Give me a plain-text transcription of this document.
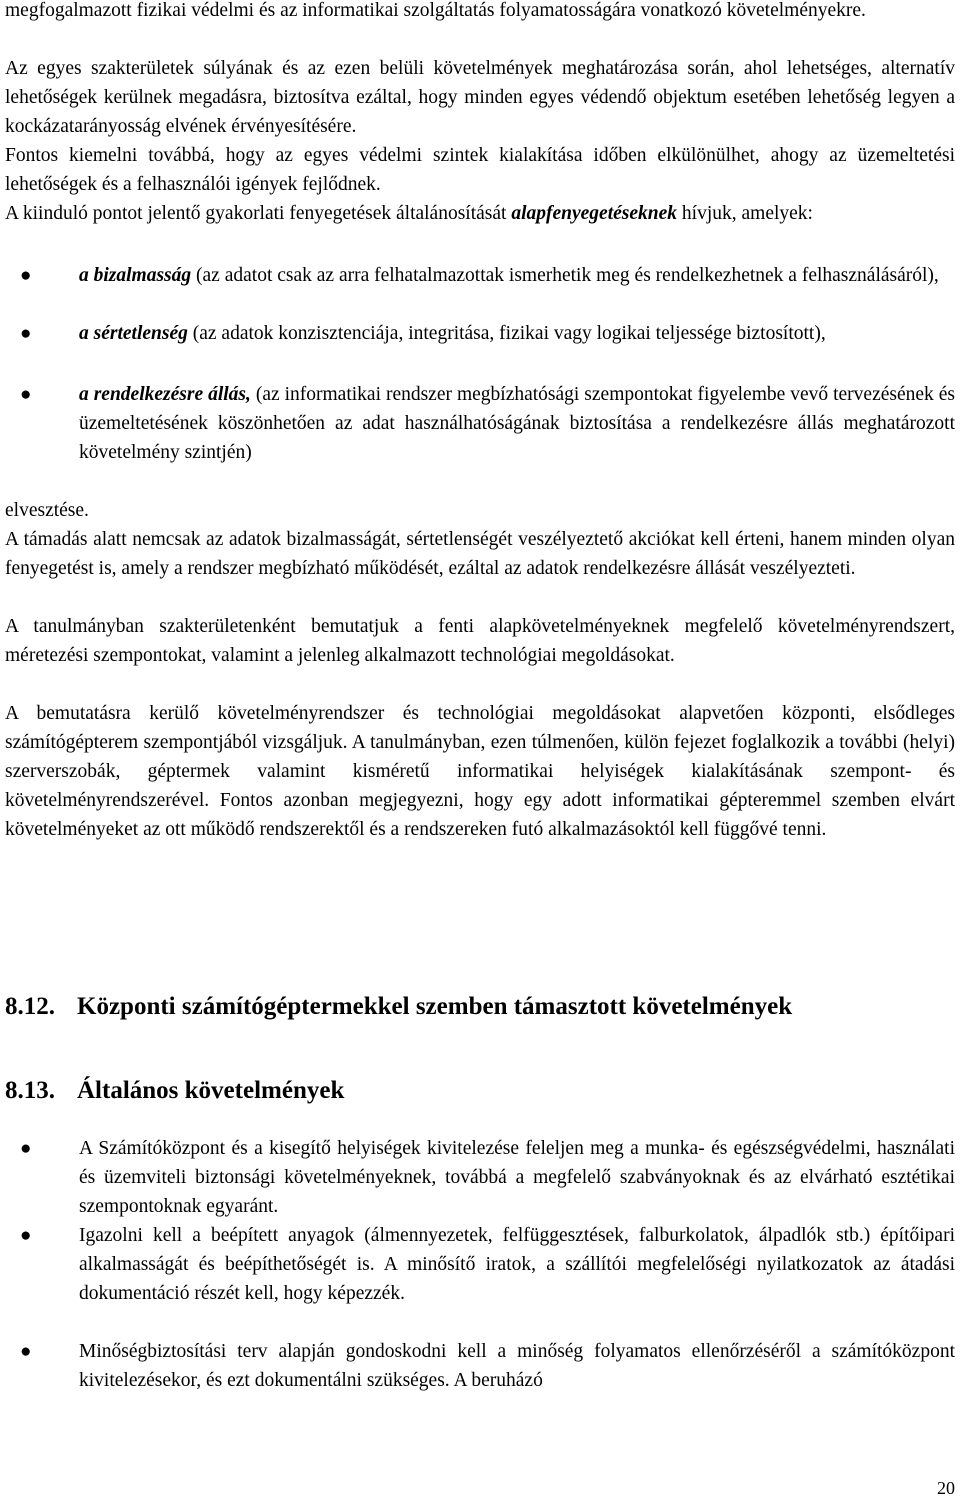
megfogalmazott fizikai védelmi és az informatikai szolgáltatás folyamatosságára vonatkozó követelményekre.

Az egyes szakterületek súlyának és az ezen belüli követelmények meghatározása során, ahol lehetséges, alternatív lehetőségek kerülnek megadásra, biztosítva ezáltal, hogy minden egyes védendő objektum esetében lehetőség legyen a kockázatarányosság elvének érvényesítésére.

Fontos kiemelni továbbá, hogy az egyes védelmi szintek kialakítása időben elkülönülhet, ahogy az üzemeltetési lehetőségek és a felhasználói igények fejlődnek.

A kiinduló pontot jelentő gyakorlati fenyegetések általánosítását alapfenyegetéseknek hívjuk, amelyek:

● a bizalmasság (az adatot csak az arra felhatalmazottak ismerhetik meg és rendelkezhetnek a felhasználásáról),
● a sértetlenség (az adatok konzisztenciája, integritása, fizikai vagy logikai teljessége biztosított),
● a rendelkezésre állás, (az informatikai rendszer megbízhatósági szempontokat figyelembe vevő tervezésének és üzemeltetésének köszönhetően az adat használhatóságának biztosítása a rendelkezésre állás meghatározott követelmény szintjén)

elvesztése.

A támadás alatt nemcsak az adatok bizalmasságát, sértetlenségét veszélyeztető akciókat kell érteni, hanem minden olyan fenyegetést is, amely a rendszer megbízható működését, ezáltal az adatok rendelkezésre állását veszélyezteti.

A tanulmányban szakterületenként bemutatjuk a fenti alapkövetelményeknek megfelelő követelményrendszert, méretezési szempontokat, valamint a jelenleg alkalmazott technológiai megoldásokat.

A bemutatásra kerülő követelményrendszer és technológiai megoldásokat alapvetően központi, elsődleges számítógépterem szempontjából vizsgáljuk. A tanulmányban, ezen túlmenően, külön fejezet foglalkozik a további (helyi) szerverszobák, géptermek valamint kisméretű informatikai helyiségek kialakításának szempont- és követelményrendszerével. Fontos azonban megjegyezni, hogy egy adott informatikai gépteremmel szemben elvárt követelményeket az ott működő rendszerektől és a rendszereken futó alkalmazásoktól kell függővé tenni.

8.12. Központi számítógéptermekkel szemben támasztott követelmények
8.13. Általános követelmények
● A Számítóközpont és a kisegítő helyiségek kivitelezése feleljen meg a munka- és egészségvédelmi, használati és üzemviteli biztonsági követelményeknek, továbbá a megfelelő szabványoknak és az elvárható esztétikai szempontoknak egyaránt.
● Igazolni kell a beépített anyagok (álmennyezetek, felfüggesztések, falburkolatok, álpadlók stb.) építőipari alkalmasságát és beépíthetőségét is. A minősítő iratok, a szállítói megfelelőségi nyilatkozatok az átadási dokumentáció részét kell, hogy képezzék.
● Minőségbiztosítási terv alapján gondoskodni kell a minőség folyamatos ellenőrzéséről a számítóközpont kivitelezésekor, és ezt dokumentálni szükséges. A beruházó
20
